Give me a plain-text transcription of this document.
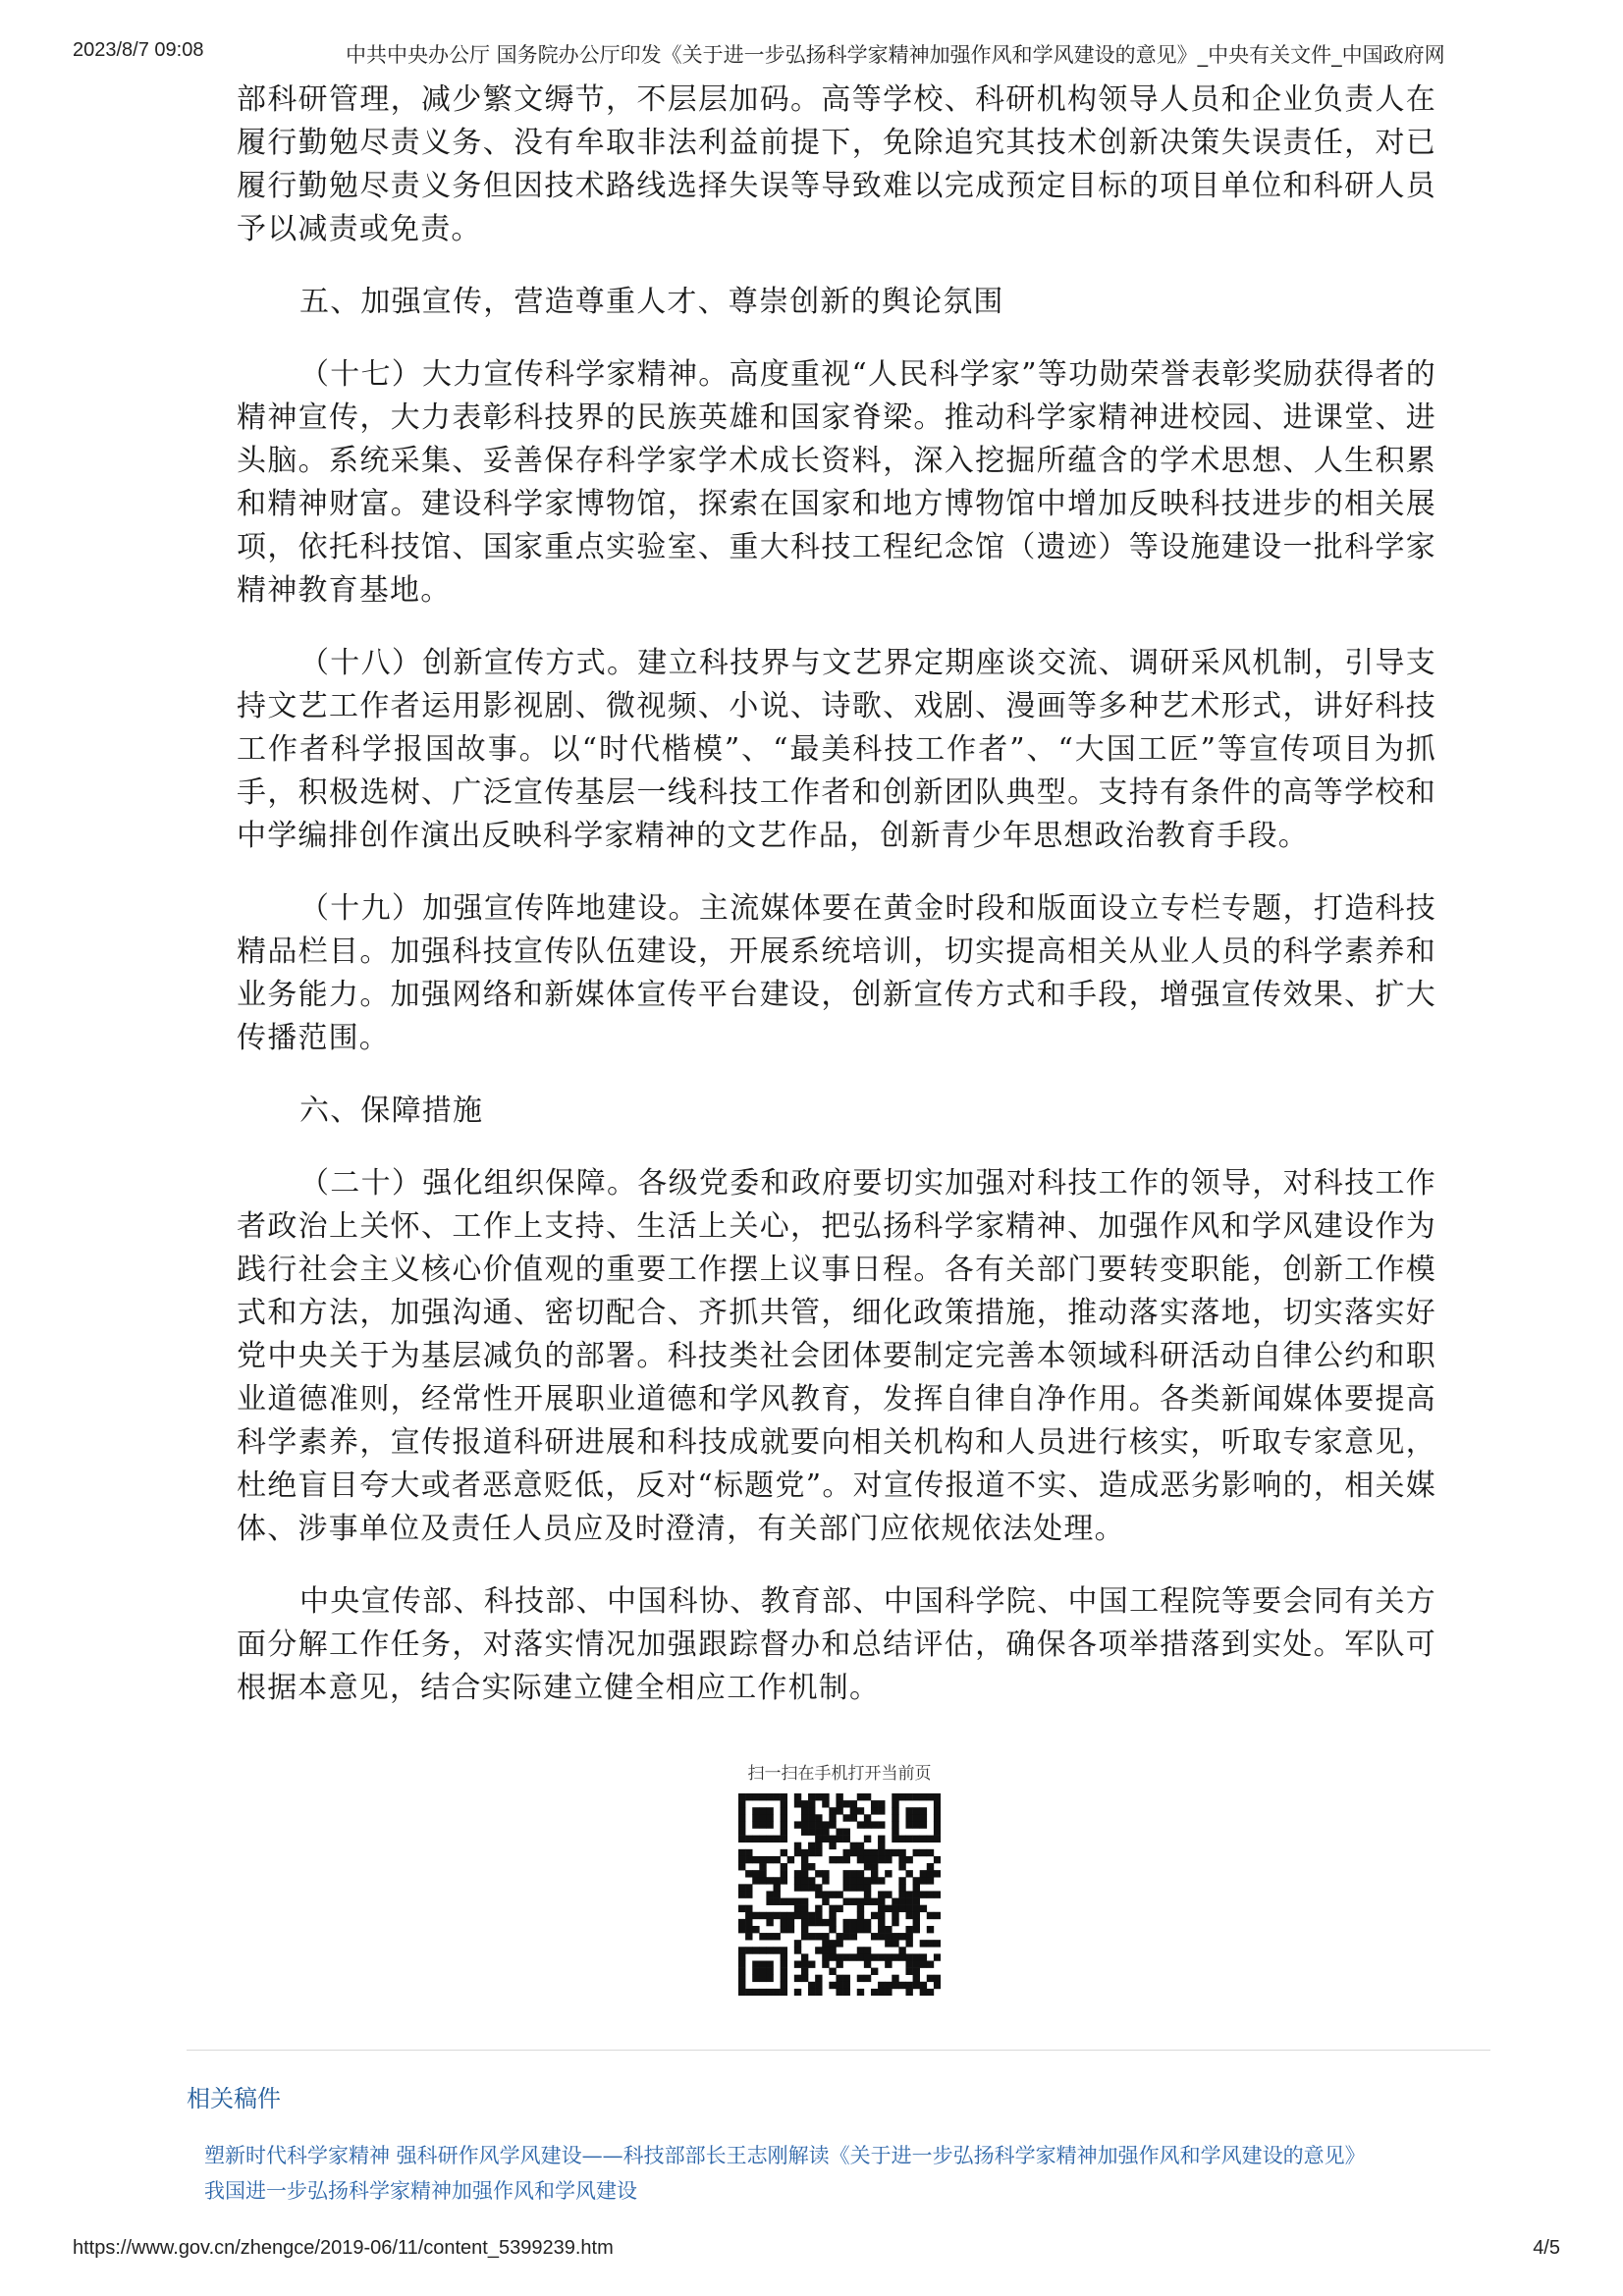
2023/8/7 09:08	中共中央办公厅 国务院办公厅印发《关于进一步弘扬科学家精神加强作风和学风建设的意见》_中央有关文件_中国政府网

部科研管理，减少繁文缛节，不层层加码。高等学校、科研机构领导人员和企业负责人在履行勤勉尽责义务、没有牟取非法利益前提下，免除追究其技术创新决策失误责任，对已履行勤勉尽责义务但因技术路线选择失误等导致难以完成预定目标的项目单位和科研人员予以减责或免责。

五、加强宣传，营造尊重人才、尊崇创新的舆论氛围

（十七）大力宣传科学家精神。高度重视“人民科学家”等功勋荣誉表彰奖励获得者的精神宣传，大力表彰科技界的民族英雄和国家脊梁。推动科学家精神进校园、进课堂、进头脑。系统采集、妥善保存科学家学术成长资料，深入挖掘所蕴含的学术思想、人生积累和精神财富。建设科学家博物馆，探索在国家和地方博物馆中增加反映科技进步的相关展项，依托科技馆、国家重点实验室、重大科技工程纪念馆（遗迹）等设施建设一批科学家精神教育基地。

（十八）创新宣传方式。建立科技界与文艺界定期座谈交流、调研采风机制，引导支持文艺工作者运用影视剧、微视频、小说、诗歌、戏剧、漫画等多种艺术形式，讲好科技工作者科学报国故事。以“时代楷模”、“最美科技工作者”、“大国工匠”等宣传项目为抓手，积极选树、广泛宣传基层一线科技工作者和创新团队典型。支持有条件的高等学校和中学编排创作演出反映科学家精神的文艺作品，创新青少年思想政治教育手段。

（十九）加强宣传阵地建设。主流媒体要在黄金时段和版面设立专栏专题，打造科技精品栏目。加强科技宣传队伍建设，开展系统培训，切实提高相关从业人员的科学素养和业务能力。加强网络和新媒体宣传平台建设，创新宣传方式和手段，增强宣传效果、扩大传播范围。

六、保障措施

（二十）强化组织保障。各级党委和政府要切实加强对科技工作的领导，对科技工作者政治上关怀、工作上支持、生活上关心，把弘扬科学家精神、加强作风和学风建设作为践行社会主义核心价值观的重要工作摆上议事日程。各有关部门要转变职能，创新工作模式和方法，加强沟通、密切配合、齐抓共管，细化政策措施，推动落实落地，切实落实好党中央关于为基层减负的部署。科技类社会团体要制定完善本领域科研活动自律公约和职业道德准则，经常性开展职业道德和学风教育，发挥自律自净作用。各类新闻媒体要提高科学素养，宣传报道科研进展和科技成就要向相关机构和人员进行核实，听取专家意见，杜绝盲目夸大或者恶意贬低，反对“标题党”。对宣传报道不实、造成恶劣影响的，相关媒体、涉事单位及责任人员应及时澄清，有关部门应依规依法处理。

中央宣传部、科技部、中国科协、教育部、中国科学院、中国工程院等要会同有关方面分解工作任务，对落实情况加强跟踪督办和总结评估，确保各项举措落到实处。军队可根据本意见，结合实际建立健全相应工作机制。

扫一扫在手机打开当前页
相关稿件
塑新时代科学家精神 强科研作风学风建设——科技部部长王志刚解读《关于进一步弘扬科学家精神加强作风和学风建设的意见》
我国进一步弘扬科学家精神加强作风和学风建设
https://www.gov.cn/zhengce/2019-06/11/content_5399239.htm	4/5
